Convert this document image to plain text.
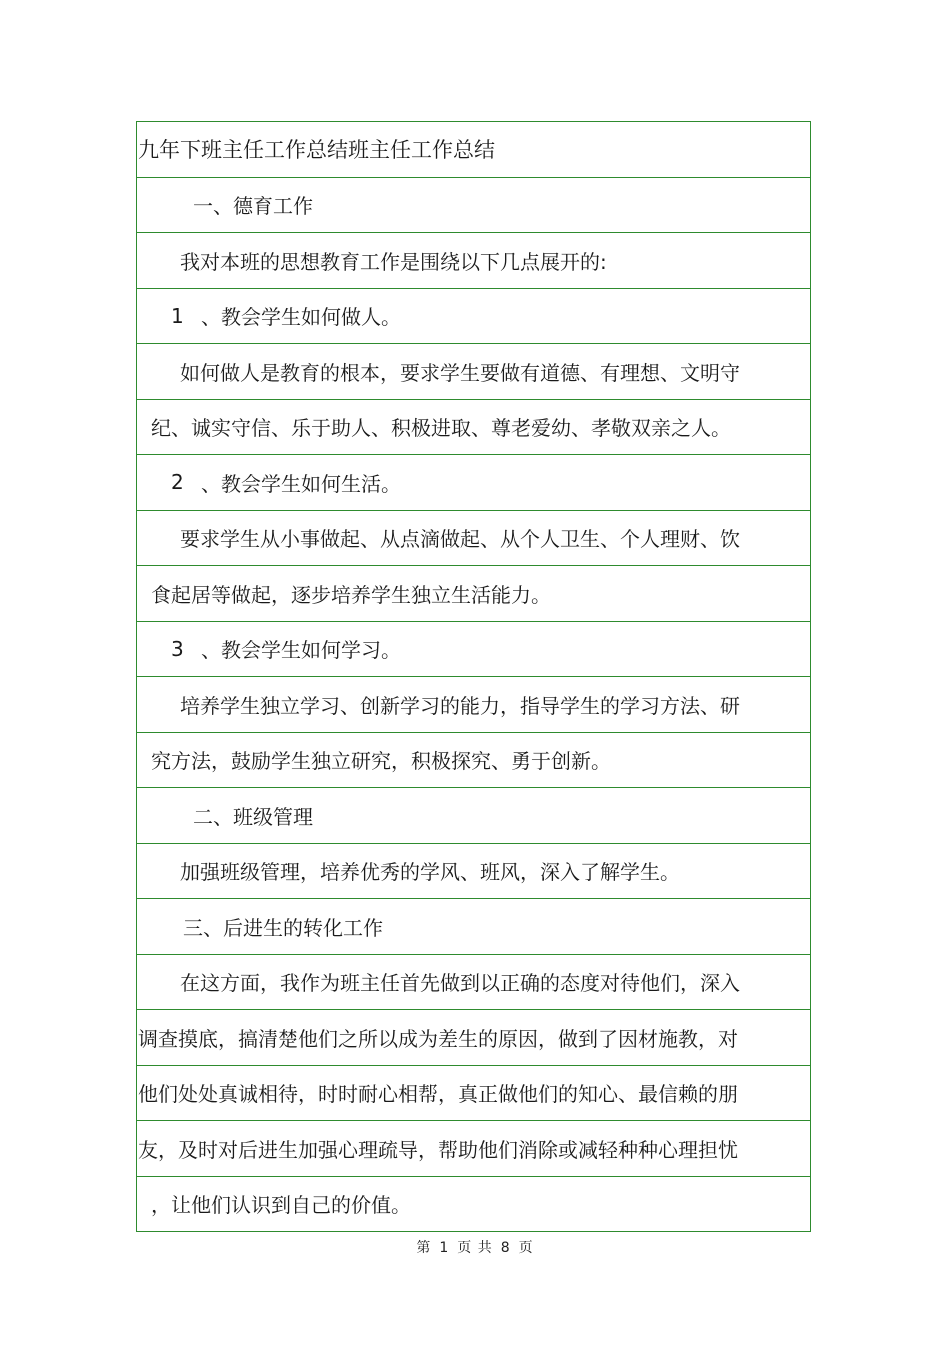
九年下班主任工作总结班主任工作总结
一、德育工作
我对本班的思想教育工作是围绕以下几点展开的:
1 、教会学生如何做人。
如何做人是教育的根本，要求学生要做有道德、有理想、文明守
纪、诚实守信、乐于助人、积极进取、尊老爱幼、孝敬双亲之人。
2 、教会学生如何生活。
要求学生从小事做起、从点滴做起、从个人卫生、个人理财、饮
食起居等做起，逐步培养学生独立生活能力。
3 、教会学生如何学习。
培养学生独立学习、创新学习的能力，指导学生的学习方法、研
究方法，鼓励学生独立研究，积极探究、勇于创新。
二、班级管理
加强班级管理，培养优秀的学风、班风，深入了解学生。
三、后进生的转化工作
在这方面，我作为班主任首先做到以正确的态度对待他们，深入
调查摸底，搞清楚他们之所以成为差生的原因，做到了因材施教，对
他们处处真诚相待，时时耐心相帮，真正做他们的知心、最信赖的朋
友，及时对后进生加强心理疏导，帮助他们消除或减轻种种心理担忧
，让他们认识到自己的价值。
第 1 页 共 8 页
